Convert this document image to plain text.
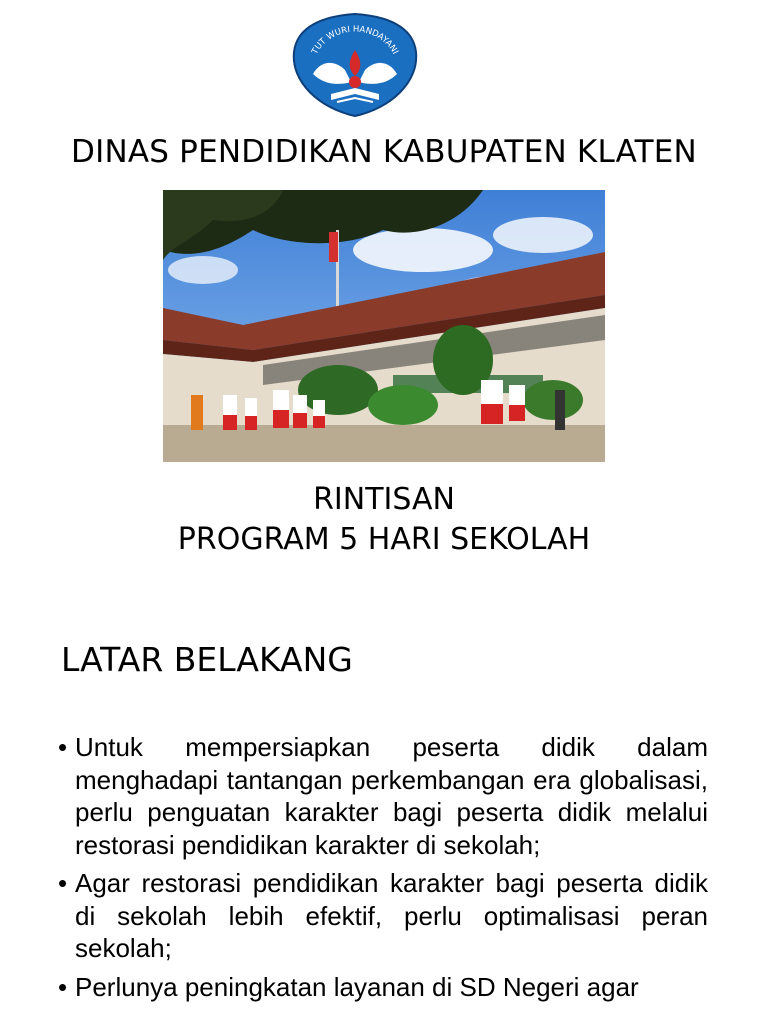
TUT WURI HANDAYANI
DINAS PENDIDIKAN KABUPATEN KLATEN
RINTISAN
PROGRAM 5 HARI SEKOLAH
LATAR BELAKANG
• Untuk mempersiapkan peserta didik dalam menghadapi tantangan perkembangan era globalisasi, perlu penguatan karakter bagi peserta didik melalui restorasi pendidikan karakter di sekolah;
• Agar restorasi pendidikan karakter bagi peserta didik di sekolah lebih efektif, perlu optimalisasi peran sekolah;
• Perlunya peningkatan layanan di SD Negeri agar
